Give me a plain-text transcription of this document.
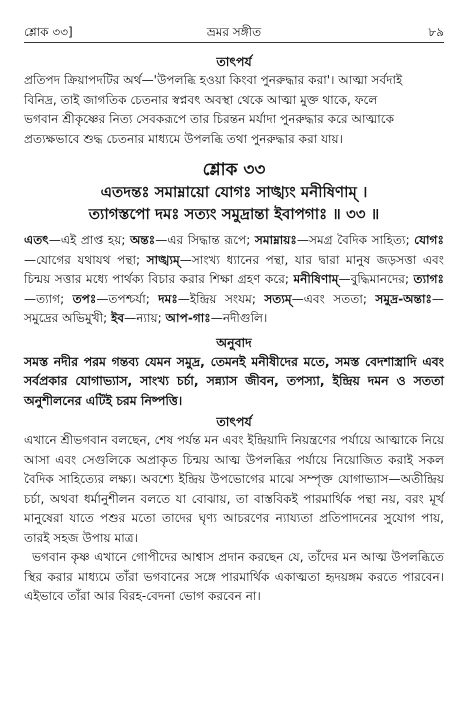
শ্লোক ৩৩]	ভ্রমর সঙ্গীত	৮৯
তাৎপর্য

প্রতিপদ ক্রিয়াপদটির অর্থ—'উপলব্ধি হওয়া কিংবা পুনরুদ্ধার করা'। আত্মা সর্বদাই

বিনিদ্র, তাই জাগতিক চেতনার স্বপ্নবৎ অবস্থা থেকে আত্মা মুক্ত থাকে, ফলে

ভগবান শ্রীকৃষ্ণের নিত্য সেবকরূপে তার চিরন্তন মর্যাদা পুনরুদ্ধার করে আত্মাকে

প্রত্যক্ষভাবে শুদ্ধ চেতনার মাধ্যমে উপলব্ধি তথা পুনরুদ্ধার করা যায়।

শ্লোক ৩৩
এতদন্তঃ সমাম্নায়ো যোগঃ সাঙ্খ্যং মনীষিণাম্ ।
ত্যাগস্তপো দমঃ সত্যং সমুদ্রান্তা ইবাপগাঃ ॥ ৩৩ ॥

এতৎ—এই প্রাপ্ত হয়; অন্তঃ—এর সিদ্ধান্ত রূপে; সমাম্নায়ঃ—সমগ্র বৈদিক সাহিত্য; যোগঃ—যোগের যথাযথ পন্থা; সাঙ্খ্যম্—সাংখ্য ধ্যানের পন্থা, যার দ্বারা মানুষ জড়সত্তা এবং চিন্ময় সত্তার মধ্যে পার্থক্য বিচার করার শিক্ষা গ্রহণ করে; মনীষিণাম্—বুদ্ধিমানদের; ত্যাগঃ—ত্যাগ; তপঃ—তপশ্চর্যা; দমঃ—ইন্দ্রিয় সংযম; সত্যম্—এবং সততা; সমুদ্র-অন্তাঃ—সমুদ্রের অভিমুখী; ইব—ন্যায়; আপ-গাঃ—নদীগুলি।

অনুবাদ

সমস্ত নদীর পরম গন্তব্য যেমন সমুদ্র, তেমনই মনীষীদের মতে, সমস্ত বেদশাস্ত্রাদি এবং সর্বপ্রকার যোগাভ্যাস, সাংখ্য চর্চা, সন্ন্যাস জীবন, তপস্যা, ইন্দ্রিয় দমন ও সততা অনুশীলনের এটিই চরম নিষ্পত্তি।

তাৎপর্য

এখানে শ্রীভগবান বলছেন, শেষ পর্যন্ত মন এবং ইন্দ্রিয়াদি নিয়ন্ত্রণের পর্যায়ে আত্মাকে নিয়ে আসা এবং সেগুলিকে অপ্রাকৃত চিন্ময় আত্ম উপলব্ধির পর্যায়ে নিয়োজিত করাই সকল বৈদিক সাহিত্যের লক্ষ্য। অবশ্যে ইন্দ্রিয় উপভোগের মাঝে সম্পৃক্ত যোগাভ্যাস—অতীন্দ্রিয় চর্চা, অথবা ধর্মানুশীলন বলতে যা বোঝায়, তা বাস্তবিকই পারমার্থিক পন্থা নয়, বরং মূর্খ মানুষেরা যাতে পশুর মতো তাদের ঘৃণ্য আচরণের ন্যায্যতা প্রতিপাদনের সুযোগ পায়, তারই সহজ উপায় মাত্র।

ভগবান কৃষ্ণ এখানে গোপীদের আশ্বাস প্রদান করছেন যে, তাঁদের মন আত্ম উপলব্ধিতে স্থির করার মাধ্যমে তাঁরা ভগবানের সঙ্গে পারমার্থিক একাত্মতা হৃদয়ঙ্গম করতে পারবেন। এইভাবে তাঁরা আর বিরহ-বেদনা ভোগ করবেন না।
